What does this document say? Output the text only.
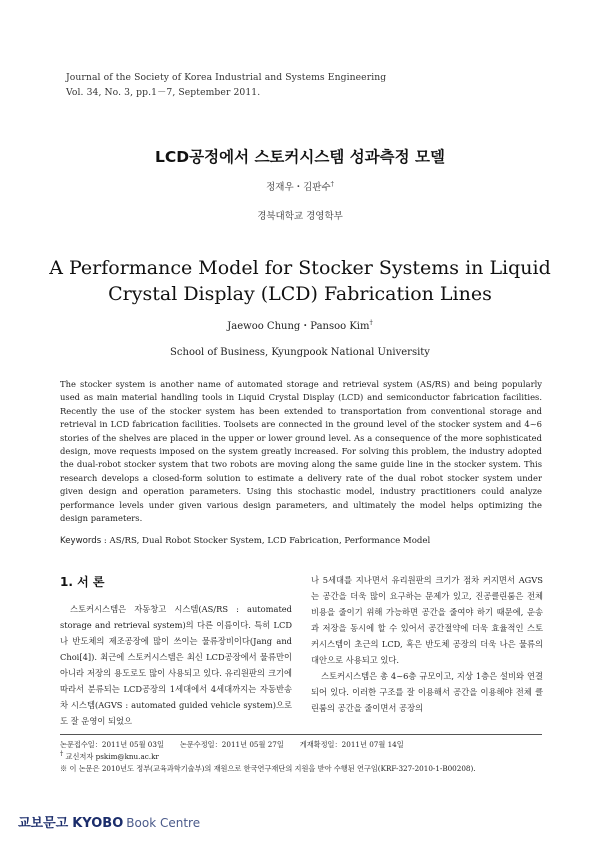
Journal of the Society of Korea Industrial and Systems Engineering
Vol. 34, No. 3, pp.1－7, September 2011.
LCD공정에서 스토커시스템 성과측정 모델
정재우・김판수†
경북대학교 경영학부
A Performance Model for Stocker Systems in Liquid Crystal Display (LCD) Fabrication Lines
Jaewoo Chung・Pansoo Kim†
School of Business, Kyungpook National University
The stocker system is another name of automated storage and retrieval system (AS/RS) and being popularly used as main material handling tools in Liquid Crystal Display (LCD) and semiconductor fabrication facilities. Recently the use of the stocker system has been extended to transportation from conventional storage and retrieval in LCD fabrication facilities. Toolsets are connected in the ground level of the stocker system and 4~6 stories of the shelves are placed in the upper or lower ground level. As a consequence of the more sophisticated design, move requests imposed on the system greatly increased. For solving this problem, the industry adopted the dual-robot stocker system that two robots are moving along the same guide line in the stocker system. This research develops a closed-form solution to estimate a delivery rate of the dual robot stocker system under given design and operation parameters. Using this stochastic model, industry practitioners could analyze performance levels under given various design parameters, and ultimately the model helps optimizing the design parameters.
Keywords : AS/RS, Dual Robot Stocker System, LCD Fabrication, Performance Model
1. 서 론

스토커시스템은 자동창고 시스템(AS/RS : automated storage and retrieval system)의 다른 이름이다. 특히 LCD나 반도체의 제조공장에 많이 쓰이는 물류장비이다(Jang and Choi[4]). 최근에 스토커시스템은 최신 LCD공장에서 물류만이 아니라 저장의 용도로도 많이 사용되고 있다. 유리원판의 크기에 따라서 분류되는 LCD공장의 1세대에서 4세대까지는 자동반송차 시스템(AGVS : automated guided vehicle system)으로도 잘 운영이 되었으

나 5세대를 지나면서 유리원판의 크기가 점차 커지면서 AGVS는 공간을 더욱 많이 요구하는 문제가 있고, 진공클린룸은 전체비용을 줄이기 위해 가능하면 공간을 줄여야 하기 때문에, 운송과 저장을 동시에 할 수 있어서 공간절약에 더욱 효율적인 스토커시스템이 초근의 LCD, 혹은 반도체 공장의 더욱 나은 물류의 대안으로 사용되고 있다.

스토커시스템은 총 4~6층 규모이고, 지상 1층은 설비와 연결되어 있다. 이러한 구조를 잘 이용해서 공간을 이용해야 전체 클린룸의 공간을 줄이면서 공장의

논문접수일：2011년 05월 03일 논문수정일：2011년 05월 27일 게재확정일：2011년 07월 14일
† 교신저자 pskim@knu.ac.kr
※ 이 논문은 2010년도 정부(교육과학기술부)의 재원으로 한국연구재단의 지원을 받아 수행된 연구임(KRF-327-2010-1-B00208).
교보문고 KYOBO Book Centre
